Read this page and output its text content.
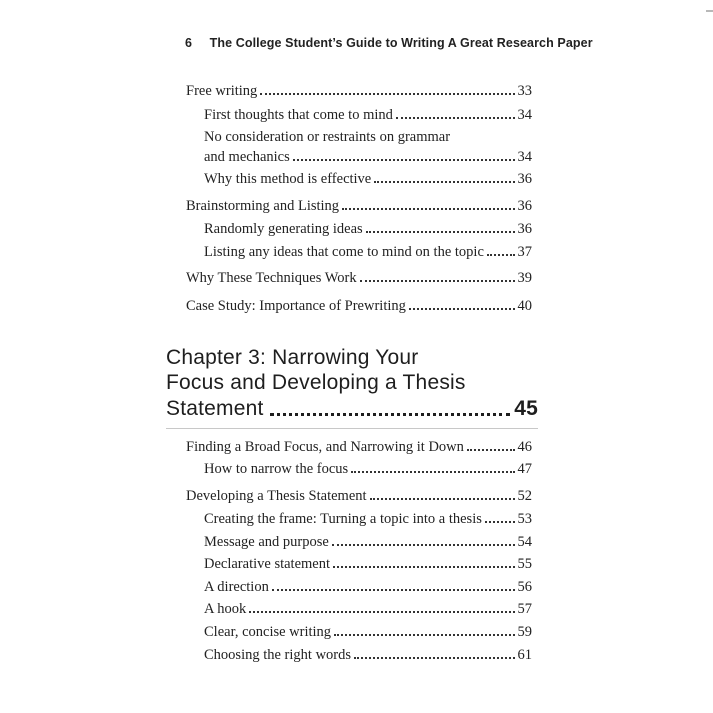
6 The College Student’s Guide to Writing A Great Research Paper
Free writing	33
First thoughts that come to mind	34
No consideration or restraints on grammar
and mechanics	34
Why this method is effective	36
Brainstorming and Listing	36
Randomly generating ideas	36
Listing any ideas that come to mind on the topic 37
Why These Techniques Work	39
Case Study: Importance of Prewriting	40
Chapter 3: Narrowing Your
Focus and Developing a Thesis
Statement	45
Finding a Broad Focus, and Narrowing it Down	46
How to narrow the focus	47
Developing a Thesis Statement	52
Creating the frame: Turning a topic into a thesis 53
Message and purpose	54
Declarative statement	55
A direction	56
A hook	57
Clear, concise writing	59
Choosing the right words	61
